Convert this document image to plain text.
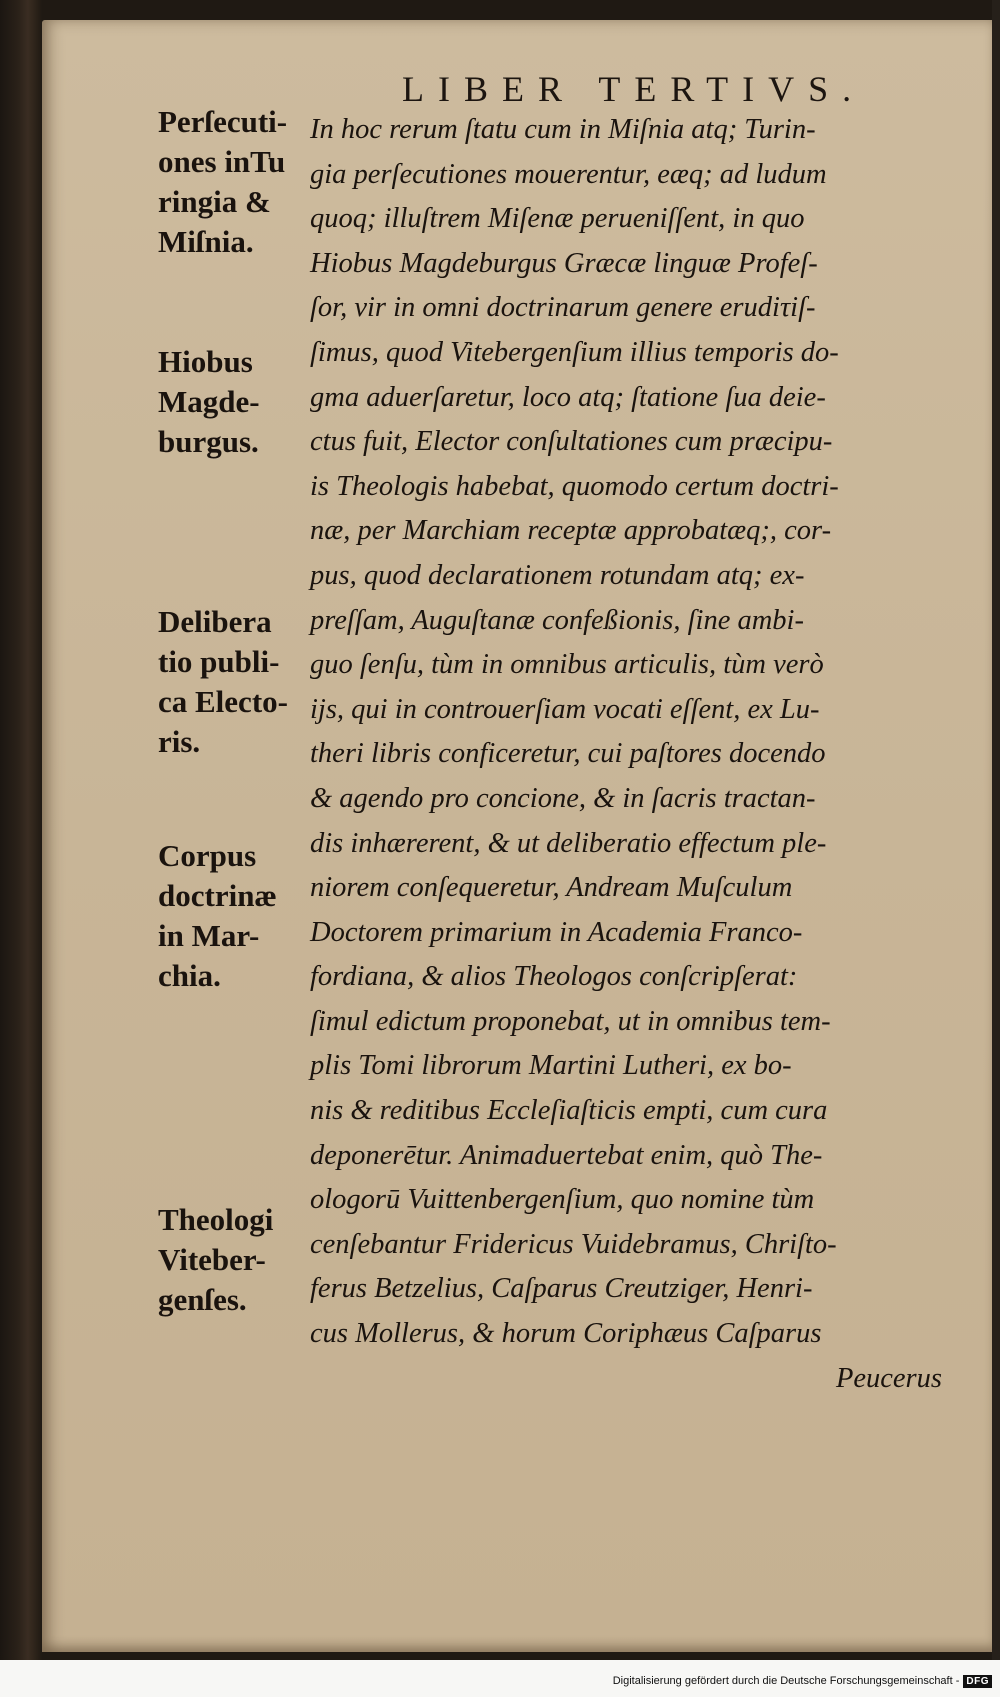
LIBER TERTIVS.
Perſecuti-
ones inTu
ringia &
Miſnia.
Hiobus
Magde-
burgus.
Delibera
tio publi-
ca Electo-
ris.
Corpus
doctrinæ
in Mar-
chia.
Theologi
Viteber-
genſes.
In hoc rerum ſtatu cum in Miſnia atq; Turin-
gia perſecutiones mouerentur, eæq; ad ludum
quoq; illuſtrem Miſenæ perueniſſent, in quo
Hiobus Magdeburgus Græcæ linguæ Profeſ-
ſor, vir in omni doctrinarum genere erudiτiſ-
ſimus, quod Vitebergenſium illius temporis do-
gma aduerſaretur, loco atq; ſtatione ſua deie-
ctus fuit, Elector conſultationes cum præcipu-
is Theologis habebat, quomodo certum doctri-
næ, per Marchiam receptæ approbatæq;, cor-
pus, quod declarationem rotundam atq; ex-
preſſam, Auguſtanæ confeßionis, ſine ambi-
guo ſenſu, tùm in omnibus articulis, tùm verò
ijs, qui in controuerſiam vocati eſſent, ex Lu-
theri libris conficeretur, cui paſtores docendo
& agendo pro concione, & in ſacris tractan-
dis inhærerent, & ut deliberatio effectum ple-
niorem conſequeretur, Andream Muſculum
Doctorem primarium in Academia Franco-
fordiana, & alios Theologos conſcripſerat:
ſimul edictum proponebat, ut in omnibus tem-
plis Tomi librorum Martini Lutheri, ex bo-
nis & reditibus Eccleſiaſticis empti, cum cura
deponerētur. Animaduertebat enim, quò The-
ologorū Vuittenbergenſium, quo nomine tùm
cenſebantur Fridericus Vuidebramus, Chriſto-
ferus Betzelius, Caſparus Creutziger, Henri-
cus Mollerus, & horum Coriphæus Caſparus
Peucerus
Digitalisierung gefördert durch die Deutsche Forschungsgemeinschaft - DFG
